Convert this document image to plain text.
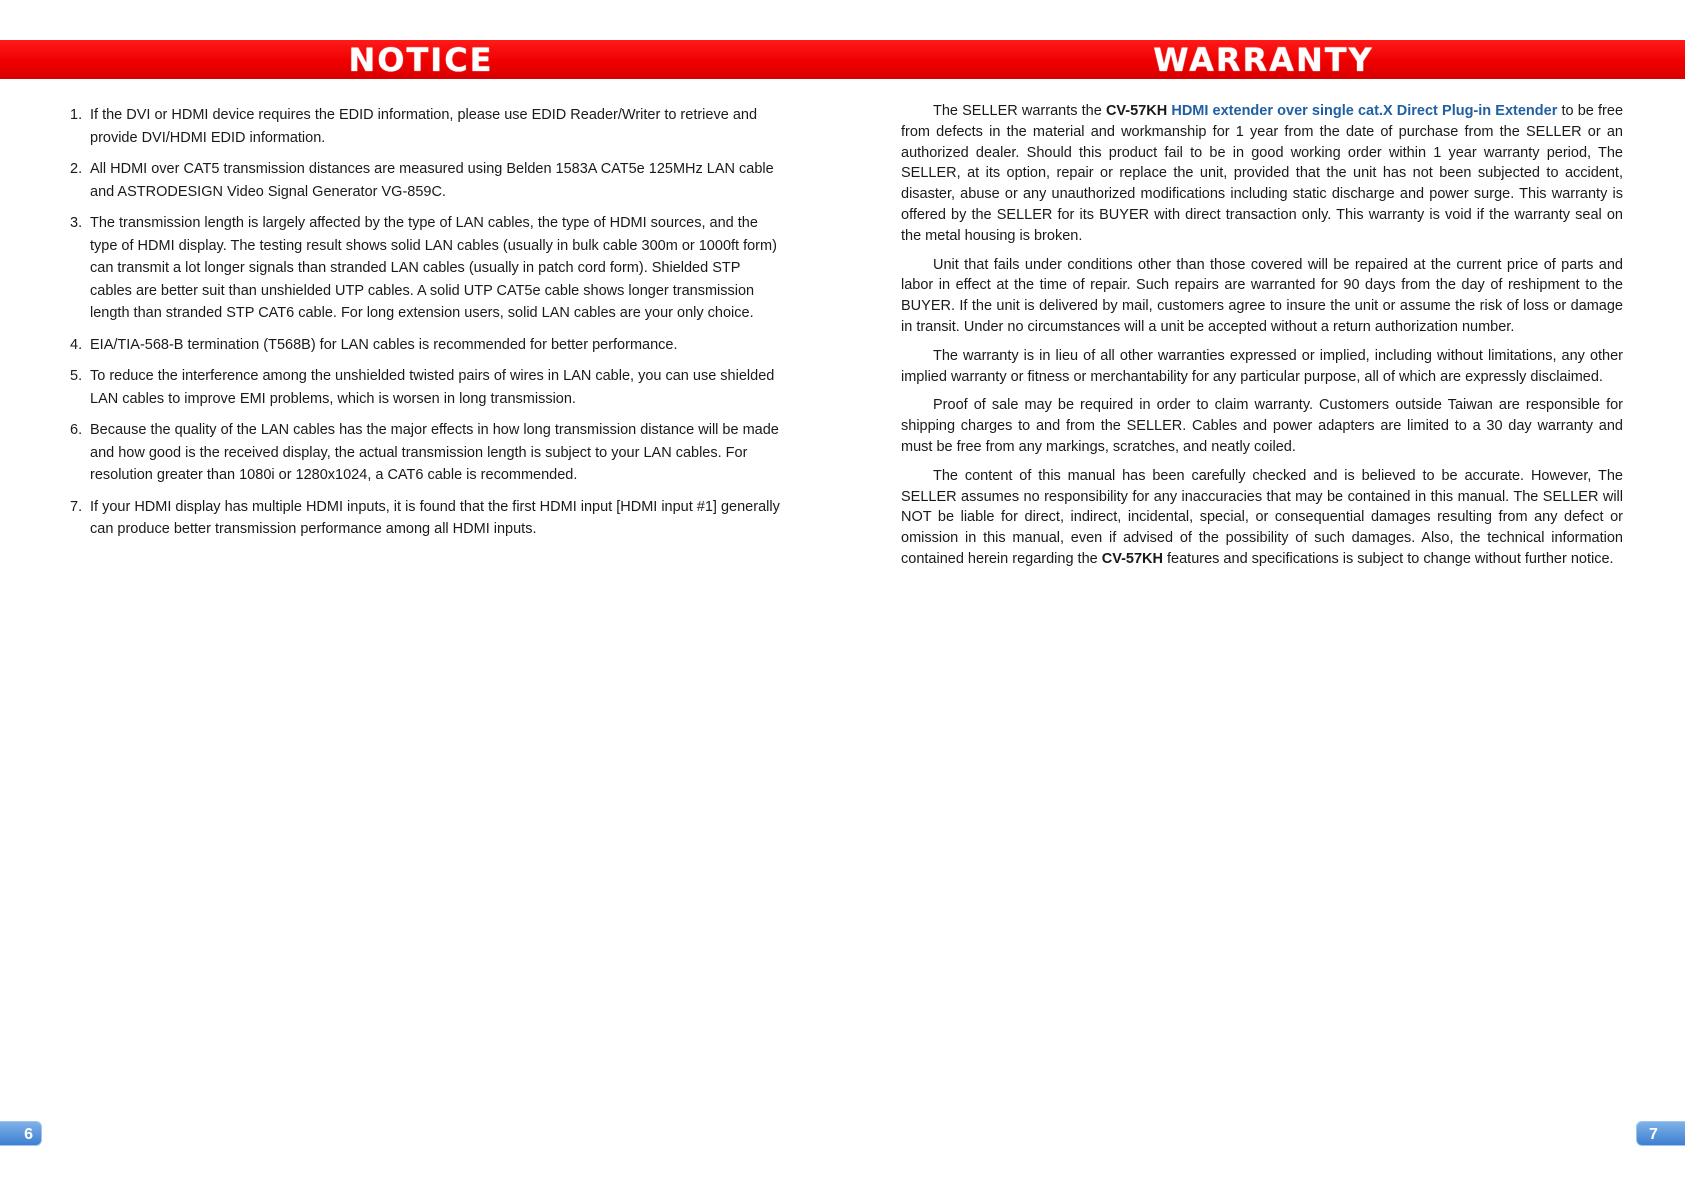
NOTICE	WARRANTY
1. If the DVI or HDMI device requires the EDID information, please use EDID Reader/Writer to retrieve and provide DVI/HDMI EDID information.
2. All HDMI over CAT5 transmission distances are measured using Belden 1583A CAT5e 125MHz LAN cable and ASTRODESIGN Video Signal Generator VG-859C.
3. The transmission length is largely affected by the type of LAN cables, the type of HDMI sources, and the type of HDMI display. The testing result shows solid LAN cables (usually in bulk cable 300m or 1000ft form) can transmit a lot longer signals than stranded LAN cables (usually in patch cord form). Shielded STP cables are better suit than unshielded UTP cables. A solid UTP CAT5e cable shows longer transmission length than stranded STP CAT6 cable. For long extension users, solid LAN cables are your only choice.
4. EIA/TIA-568-B termination (T568B) for LAN cables is recommended for better performance.
5. To reduce the interference among the unshielded twisted pairs of wires in LAN cable, you can use shielded LAN cables to improve EMI problems, which is worsen in long transmission.
6. Because the quality of the LAN cables has the major effects in how long transmission distance will be made and how good is the received display, the actual transmission length is subject to your LAN cables. For resolution greater than 1080i or 1280x1024, a CAT6 cable is recommended.
7. If your HDMI display has multiple HDMI inputs, it is found that the first HDMI input [HDMI input #1] generally can produce better transmission performance among all HDMI inputs.

The SELLER warrants the CV-57KH HDMI extender over single cat.X Direct Plug-in Extender to be free from defects in the material and workmanship for 1 year from the date of purchase from the SELLER or an authorized dealer. Should this product fail to be in good working order within 1 year warranty period, The SELLER, at its option, repair or replace the unit, provided that the unit has not been subjected to accident, disaster, abuse or any unauthorized modifications including static discharge and power surge. This warranty is offered by the SELLER for its BUYER with direct transaction only. This warranty is void if the warranty seal on the metal housing is broken.

Unit that fails under conditions other than those covered will be repaired at the current price of parts and labor in effect at the time of repair. Such repairs are warranted for 90 days from the day of reshipment to the BUYER. If the unit is delivered by mail, customers agree to insure the unit or assume the risk of loss or damage in transit. Under no circumstances will a unit be accepted without a return authorization number.

The warranty is in lieu of all other warranties expressed or implied, including without limitations, any other implied warranty or fitness or merchantability for any particular purpose, all of which are expressly disclaimed.

Proof of sale may be required in order to claim warranty. Customers outside Taiwan are responsible for shipping charges to and from the SELLER. Cables and power adapters are limited to a 30 day warranty and must be free from any markings, scratches, and neatly coiled.

The content of this manual has been carefully checked and is believed to be accurate. However, The SELLER assumes no responsibility for any inaccuracies that may be contained in this manual. The SELLER will NOT be liable for direct, indirect, incidental, special, or consequential damages resulting from any defect or omission in this manual, even if advised of the possibility of such damages. Also, the technical information contained herein regarding the CV-57KH features and specifications is subject to change without further notice.

6	7
